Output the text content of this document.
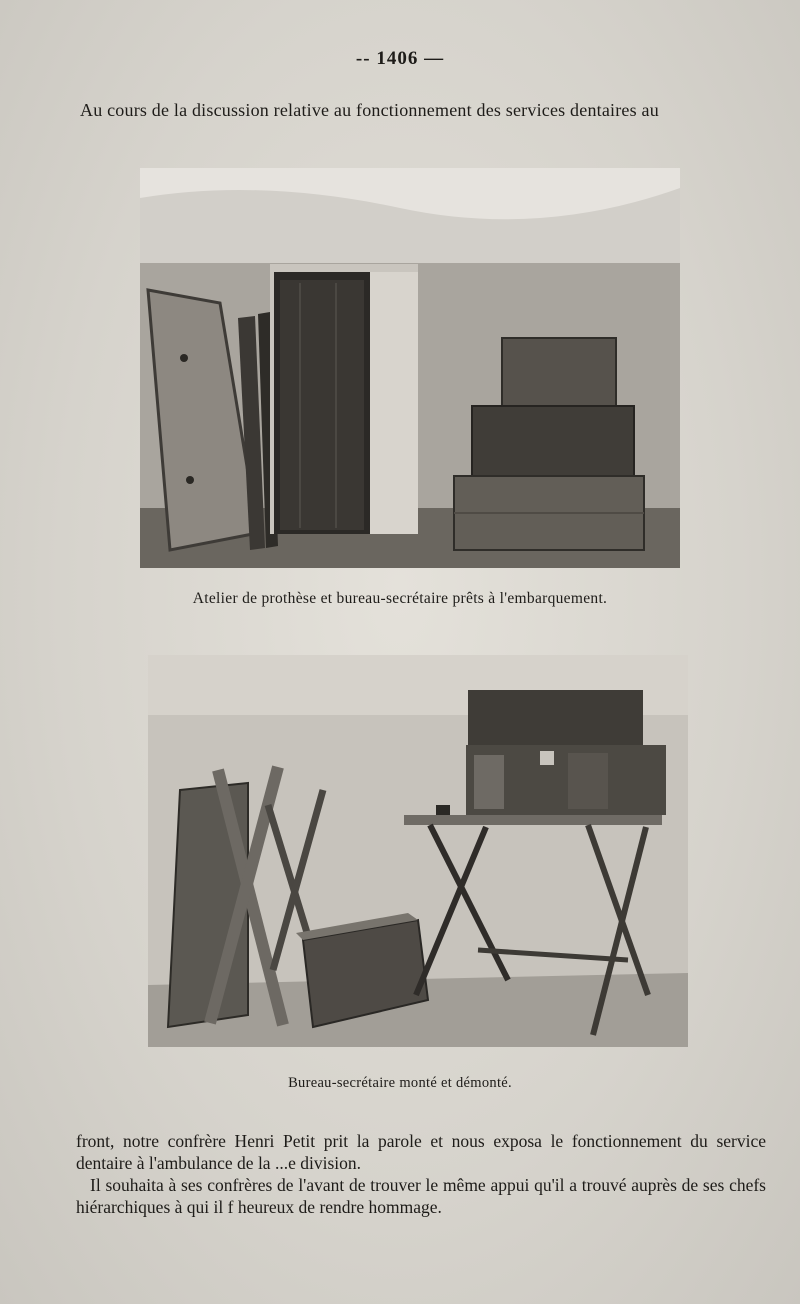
-- 1406 —
Au cours de la discussion relative au fonctionnement des services dentaires au
Atelier de prothèse et bureau-secrétaire prêts à l'embarquement.
Bureau-secrétaire monté et démonté.

front, notre confrère Henri Petit prit la parole et nous exposa le fonctionnement du service dentaire à l'ambulance de la ...e division.

Il souhaita à ses confrères de l'avant de trouver le même appui qu'il a trouvé auprès de ses chefs hiérarchiques à qui il f heureux de rendre hommage.
